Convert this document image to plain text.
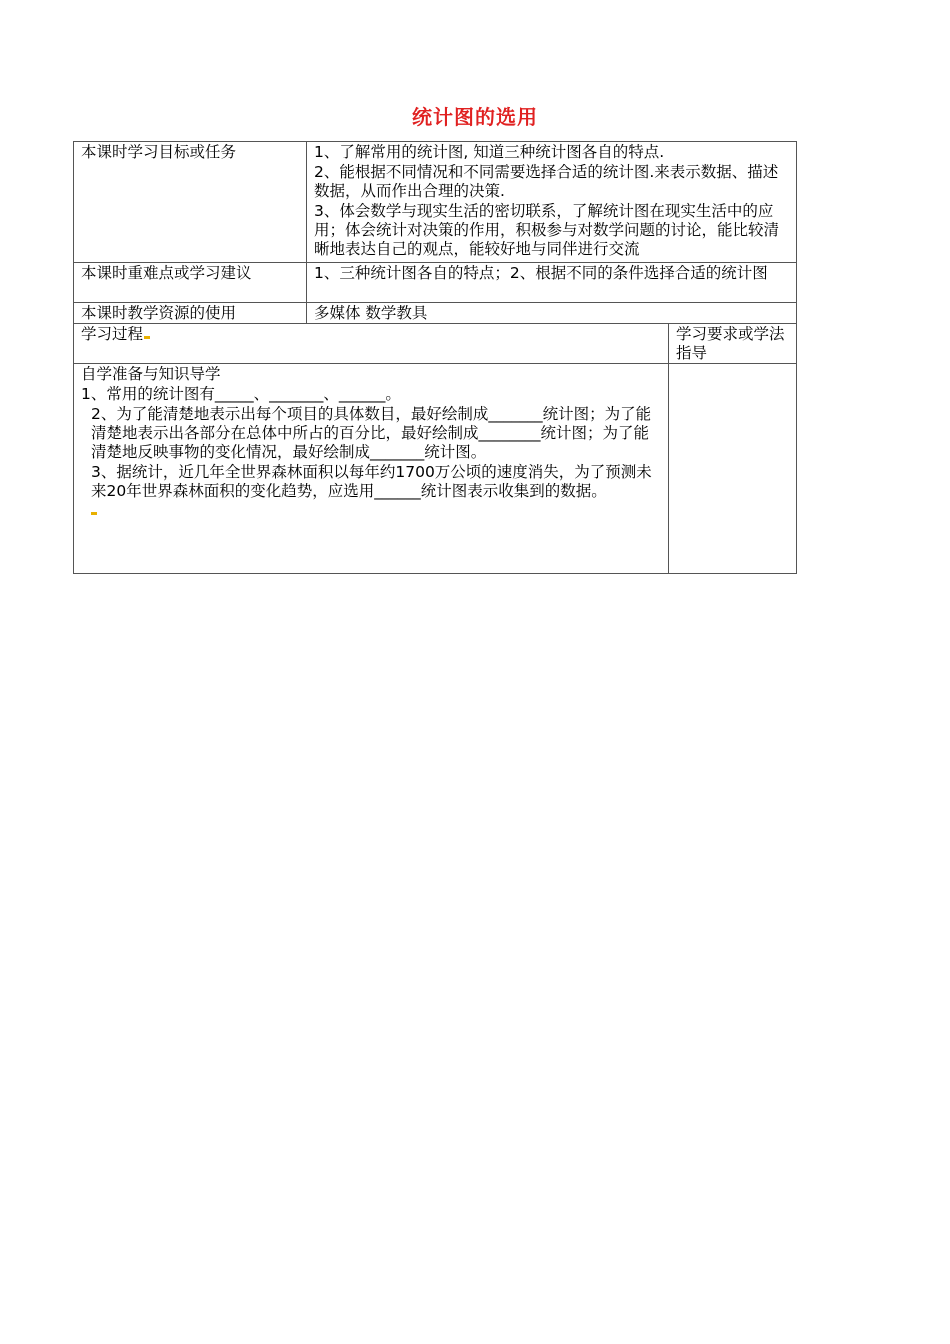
统计图的选用
本课时学习目标或任务	1、了解常用的统计图, 知道三种统计图各自的特点.

2、能根据不同情况和不同需要选择合适的统计图.来表示数据、描述数据，从而作出合理的决策.

3、体会数学与现实生活的密切联系，了解统计图在现实生活中的应用；体会统计对决策的作用，积极参与对数学问题的讨论，能比较清晰地表达自己的观点，能较好地与同伴进行交流	

本课时重难点或学习建议	1、三种统计图各自的特点；2、根据不同的条件选择合适的统计图	

本课时教学资源的使用	多媒体 数学教具	
学习过程		学习要求或学法指导

自学准备与知识导学

1、常用的统计图有_____、_______、______。

2、为了能清楚地表示出每个项目的具体数目，最好绘制成_______统计图；为了能清楚地表示出各部分在总体中所占的百分比，最好绘制成________统计图；为了能清楚地反映事物的变化情况，最好绘制成_______统计图。

3、据统计，近几年全世界森林面积以每年约1700万公顷的速度消失，为了预测未来20年世界森林面积的变化趋势，应选用______统计图表示收集到的数据。		
